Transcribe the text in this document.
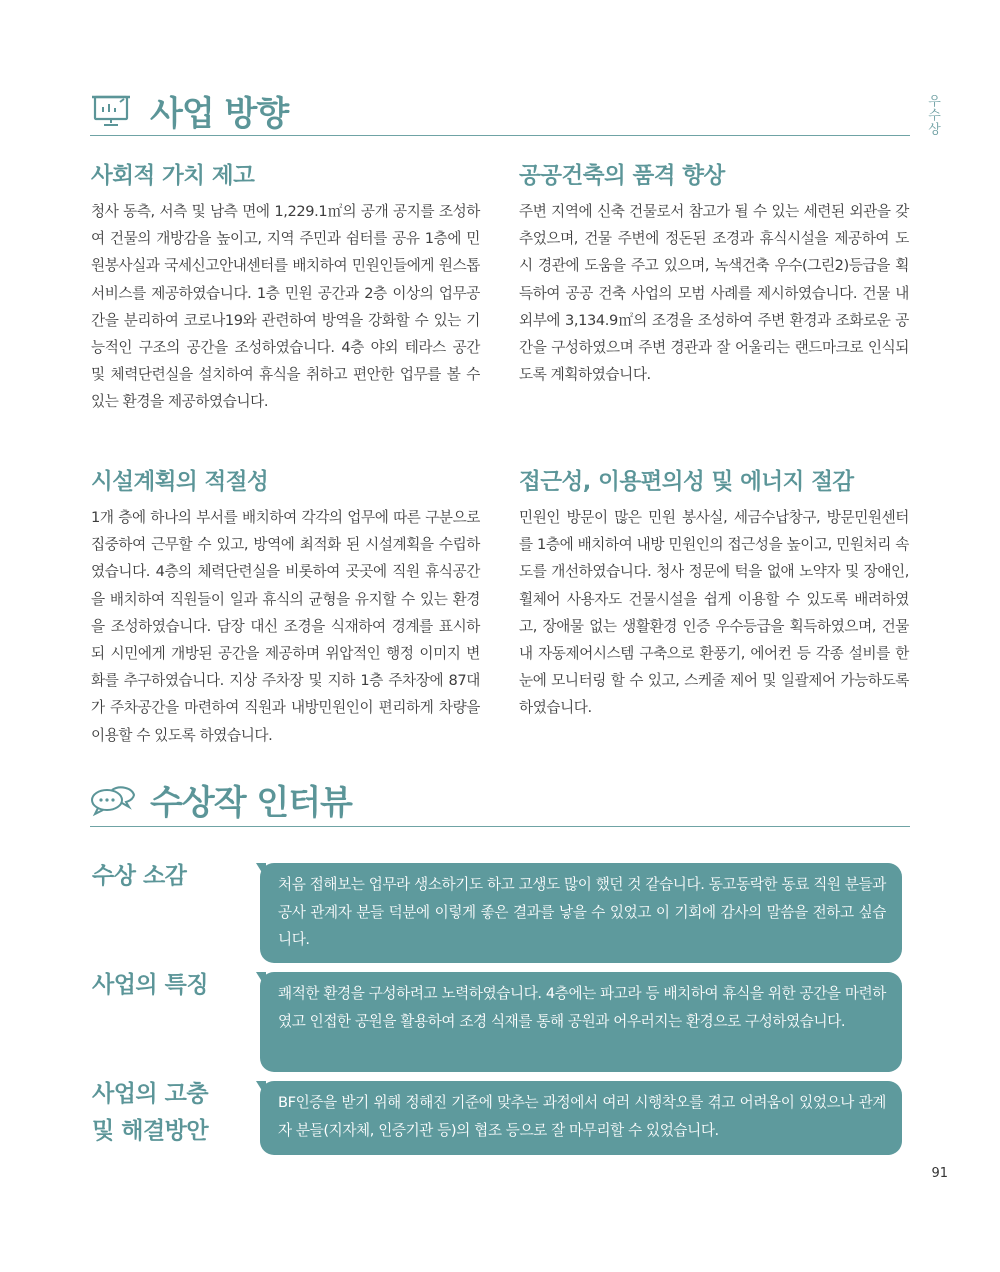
우수상
사업 방향
사회적 가치 제고
청사 동측, 서측 및 남측 면에 1,229.1㎡의 공개 공지를 조성하여 건물의 개방감을 높이고, 지역 주민과 쉼터를 공유 1층에 민원봉사실과 국세신고안내센터를 배치하여 민원인들에게 원스톱 서비스를 제공하였습니다. 1층 민원 공간과 2층 이상의 업무공간을 분리하여 코로나19와 관련하여 방역을 강화할 수 있는 기능적인 구조의 공간을 조성하였습니다. 4층 야외 테라스 공간 및 체력단련실을 설치하여 휴식을 취하고 편안한 업무를 볼 수 있는 환경을 제공하였습니다.
공공건축의 품격 향상
주변 지역에 신축 건물로서 참고가 될 수 있는 세련된 외관을 갖추었으며, 건물 주변에 정돈된 조경과 휴식시설을 제공하여 도시 경관에 도움을 주고 있으며, 녹색건축 우수(그린2)등급을 획득하여 공공 건축 사업의 모범 사례를 제시하였습니다. 건물 내외부에 3,134.9㎡의 조경을 조성하여 주변 환경과 조화로운 공간을 구성하였으며 주변 경관과 잘 어울리는 랜드마크로 인식되도록 계획하였습니다.
시설계획의 적절성
1개 층에 하나의 부서를 배치하여 각각의 업무에 따른 구분으로 집중하여 근무할 수 있고, 방역에 최적화 된 시설계획을 수립하였습니다. 4층의 체력단련실을 비롯하여 곳곳에 직원 휴식공간을 배치하여 직원들이 일과 휴식의 균형을 유지할 수 있는 환경을 조성하였습니다. 담장 대신 조경을 식재하여 경계를 표시하되 시민에게 개방된 공간을 제공하며 위압적인 행정 이미지 변화를 추구하였습니다. 지상 주차장 및 지하 1층 주차장에 87대가 주차공간을 마련하여 직원과 내방민원인이 편리하게 차량을 이용할 수 있도록 하였습니다.
접근성, 이용편의성 및 에너지 절감
민원인 방문이 많은 민원 봉사실, 세금수납창구, 방문민원센터를 1층에 배치하여 내방 민원인의 접근성을 높이고, 민원처리 속도를 개선하였습니다. 청사 정문에 턱을 없애 노약자 및 장애인, 휠체어 사용자도 건물시설을 쉽게 이용할 수 있도록 배려하였고, 장애물 없는 생활환경 인증 우수등급을 획득하였으며, 건물내 자동제어시스템 구축으로 환풍기, 에어컨 등 각종 설비를 한눈에 모니터링 할 수 있고, 스케줄 제어 및 일괄제어 가능하도록 하였습니다.
수상작 인터뷰
수상 소감	처음 접해보는 업무라 생소하기도 하고 고생도 많이 했던 것 같습니다. 동고동락한 동료 직원 분들과 공사 관계자 분들 덕분에 이렇게 좋은 결과를 낳을 수 있었고 이 기회에 감사의 말씀을 전하고 싶습니다.
사업의 특징	쾌적한 환경을 구성하려고 노력하였습니다. 4층에는 파고라 등 배치하여 휴식을 위한 공간을 마련하였고 인접한 공원을 활용하여 조경 식재를 통해 공원과 어우러지는 환경으로 구성하였습니다.
사업의 고충
및 해결방안
BF인증을 받기 위해 정해진 기준에 맞추는 과정에서 여러 시행착오를 겪고 어려움이 있었으나 관계자 분들(지자체, 인증기관 등)의 협조 등으로 잘 마무리할 수 있었습니다.
91
